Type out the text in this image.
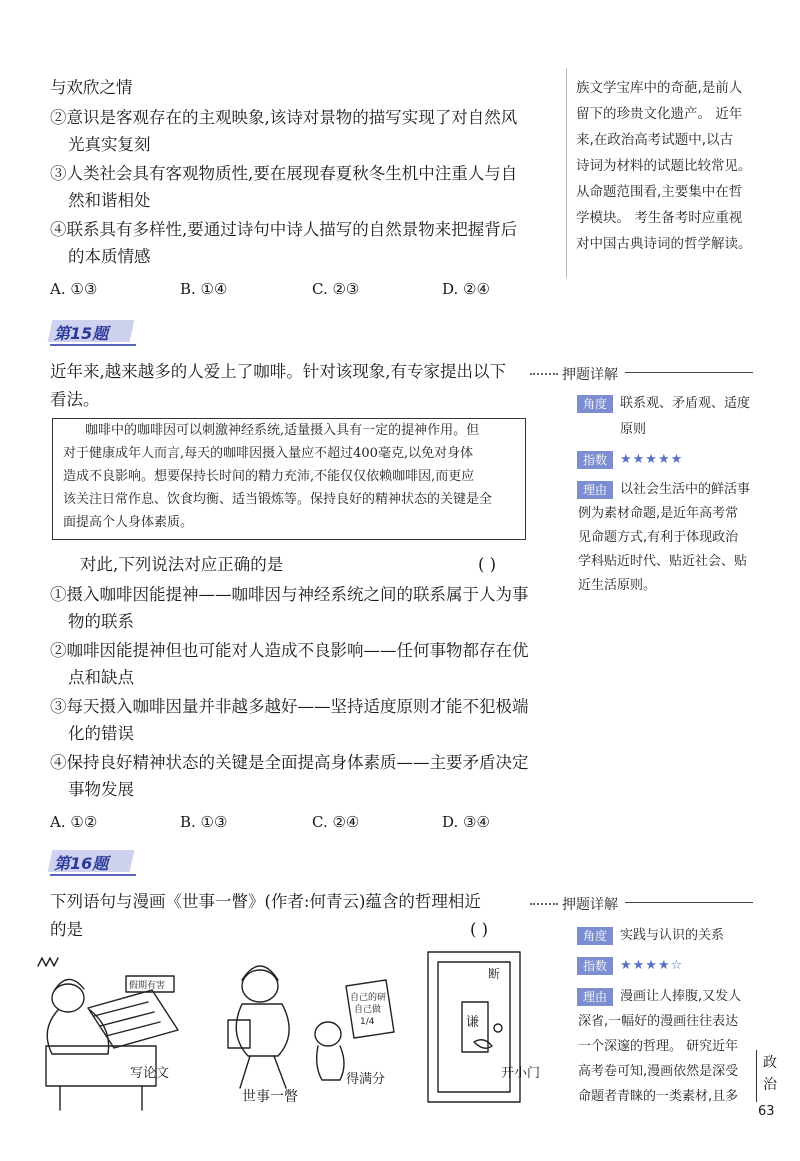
与欢欣之情
②意识是客观存在的主观映象,该诗对景物的描写实现了对自然风
光真实复刻
③人类社会具有客观物质性,要在展现春夏秋冬生机中注重人与自
然和谐相处
④联系具有多样性,要通过诗句中诗人描写的自然景物来把握背后
的本质情感
A. ①③	B. ①④	C. ②③	D. ②④
族文学宝库中的奇葩,是前人
留下的珍贵文化遗产。 近年
来,在政治高考试题中,以古
诗词为材料的试题比较常见。
从命题范围看,主要集中在哲
学模块。 考生备考时应重视
对中国古典诗词的哲学解读。
第15题
近年来,越来越多的人爱上了咖啡。针对该现象,有专家提出以下
看法。
押题详解
角度	联系观、矛盾观、适度
原则
指数	★★★★★
理由	以社会生活中的鲜活事
例为素材命题,是近年高考常
见命题方式,有利于体现政治
学科贴近时代、贴近社会、贴
近生活原则。
咖啡中的咖啡因可以刺激神经系统,适量摄入具有一定的提神作用。但
对于健康成年人而言,每天的咖啡因摄入量应不超过400毫克,以免对身体
造成不良影响。想要保持长时间的精力充沛,不能仅仅依赖咖啡因,而更应
该关注日常作息、饮食均衡、适当锻炼等。保持良好的精神状态的关键是全
面提高个人身体素质。
对此,下列说法对应正确的是	( )
①摄入咖啡因能提神——咖啡因与神经系统之间的联系属于人为事
物的联系
②咖啡因能提神但也可能对人造成不良影响——任何事物都存在优
点和缺点
③每天摄入咖啡因量并非越多越好——坚持适度原则才能不犯极端
化的错误
④保持良好精神状态的关键是全面提高身体素质——主要矛盾决定
事物发展
A. ①②	B. ①③	C. ②④	D. ③④
第16题
下列语句与漫画《世事一瞥》(作者:何青云)蕴含的哲理相近
的是	( )
押题详解
角度	实践与认识的关系
指数	★★★★☆
理由	漫画让人捧腹,又发人
深省,一幅好的漫画往往表达
一个深邃的哲理。 研究近年
高考卷可知,漫画依然是深受
命题者青睐的一类素材,且多
假期有害
自己的研
自己做
1/4
断
谦
写论文
世事一瞥
得满分	开小门
政
治
63
